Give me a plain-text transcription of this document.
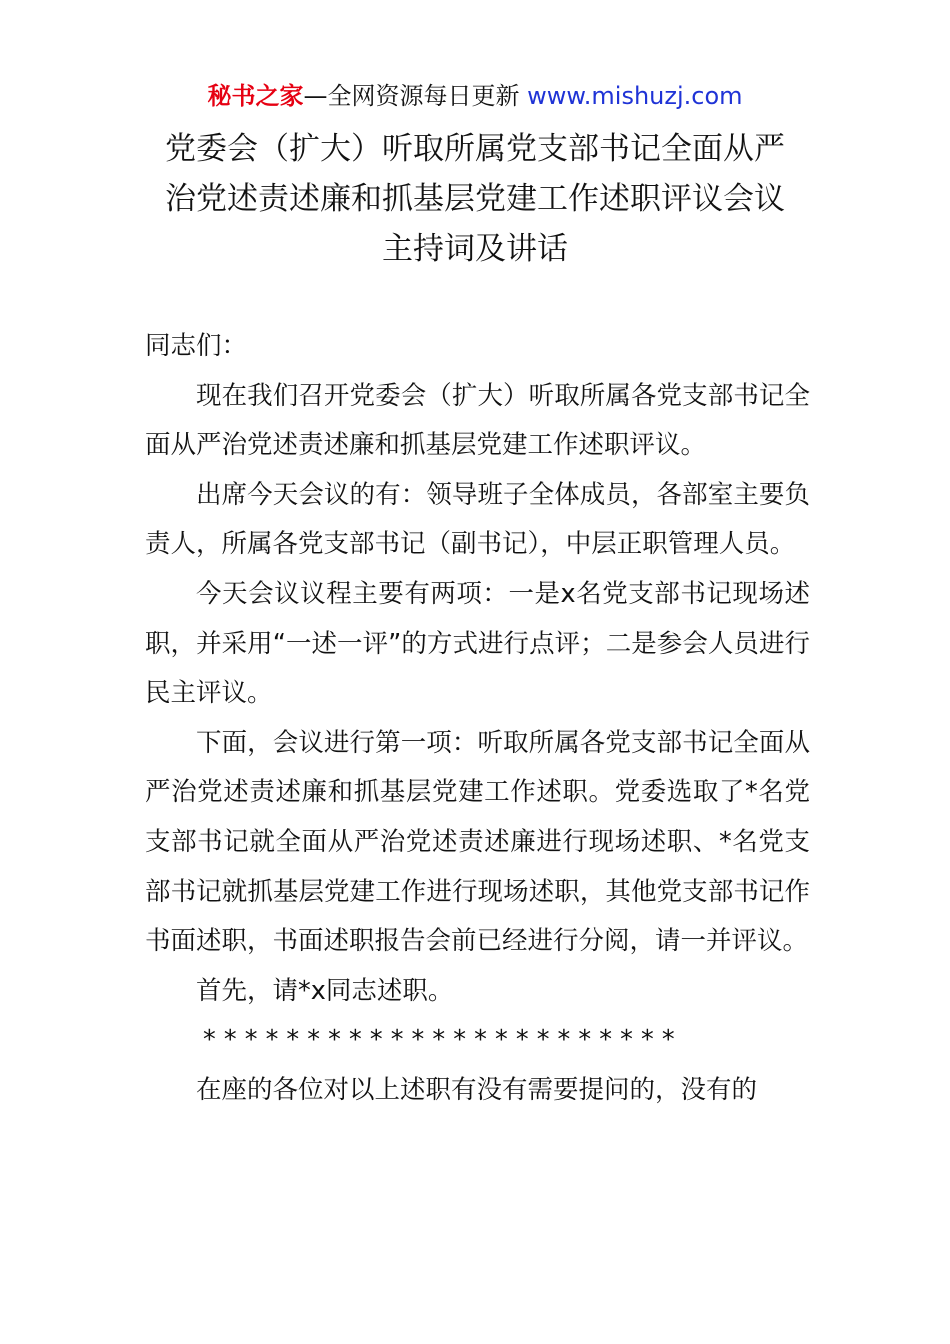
秘书之家—全网资源每日更新 www.mishuzj.com
党委会（扩大）听取所属党支部书记全面从严
治党述责述廉和抓基层党建工作述职评议会议
主持词及讲话

同志们：

现在我们召开党委会（扩大）听取所属各党支部书记全面从严治党述责述廉和抓基层党建工作述职评议。

出席今天会议的有：领导班子全体成员，各部室主要负责人，所属各党支部书记（副书记），中层正职管理人员。

今天会议议程主要有两项：一是x名党支部书记现场述职，并采用“一述一评”的方式进行点评；二是参会人员进行民主评议。

下面，会议进行第一项：听取所属各党支部书记全面从严治党述责述廉和抓基层党建工作述职。党委选取了*名党支部书记就全面从严治党述责述廉进行现场述职、*名党支部书记就抓基层党建工作进行现场述职，其他党支部书记作书面述职，书面述职报告会前已经进行分阅，请一并评议。

首先，请*x同志述职。

* * * * * * * * * * * * * * * * * * * * * * *

在座的各位对以上述职有没有需要提问的，没有的
